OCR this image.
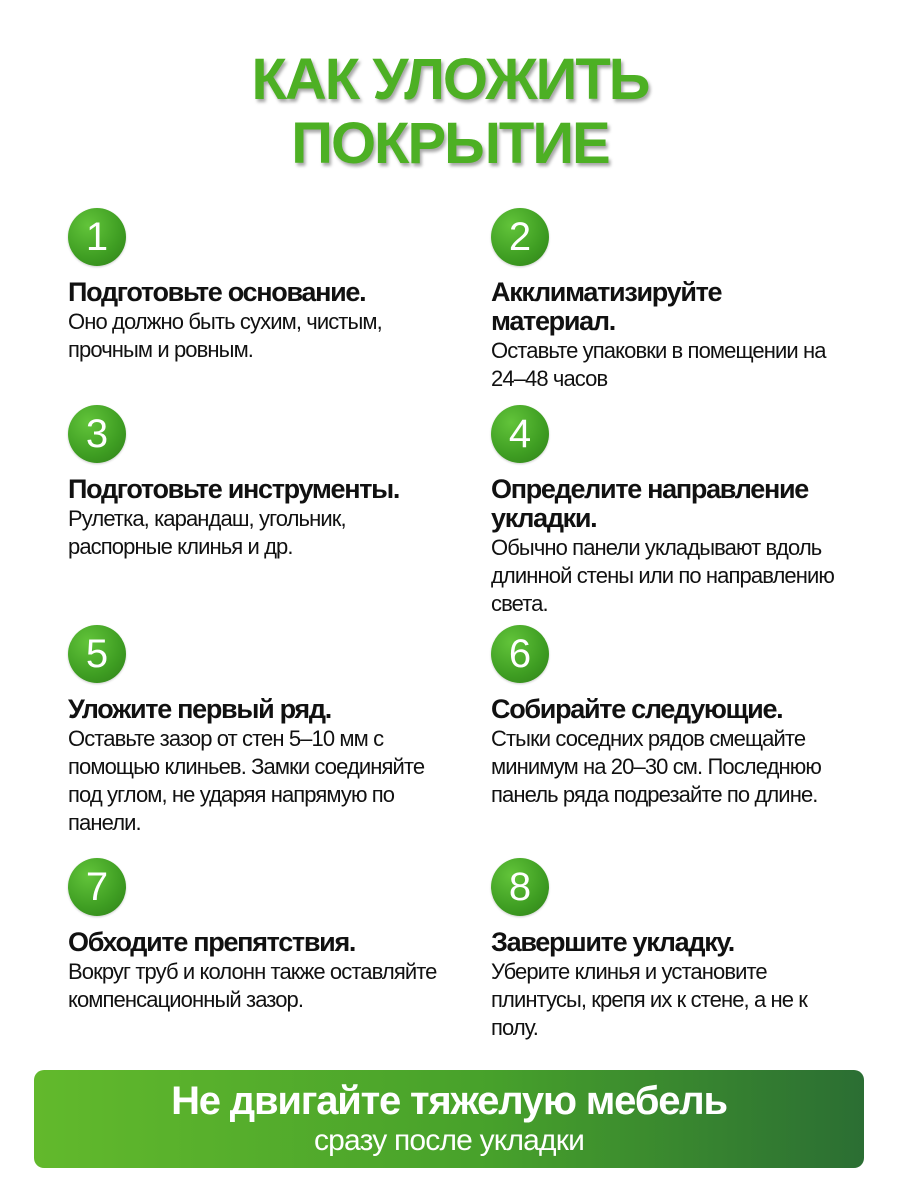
КАК УЛОЖИТЬ
ПОКРЫТИЕ
1
Подготовьте основание.
Оно должно быть сухим, чистым, прочным и ровным.
2
Акклиматизируйте материал.
Оставьте упаковки в помещении на 24–48 часов
3
Подготовьте инструменты.
Рулетка, карандаш, угольник, распорные клинья и др.
4
Определите направление укладки.
Обычно панели укладывают вдоль длинной стены или по направлению света.
5
Уложите первый ряд.
Оставьте зазор от стен 5–10 мм с помощью клиньев. Замки соединяйте под углом, не ударяя напрямую по панели.
6
Собирайте следующие.
Стыки соседних рядов смещайте минимум на 20–30 см. Последнюю панель ряда подрезайте по длине.
7
Обходите препятствия.
Вокруг труб и колонн также оставляйте компенсационный зазор.
8
Завершите укладку.
Уберите клинья и установите плинтусы, крепя их к стене, а не к полу.
Не двигайте тяжелую мебель
сразу после укладки
